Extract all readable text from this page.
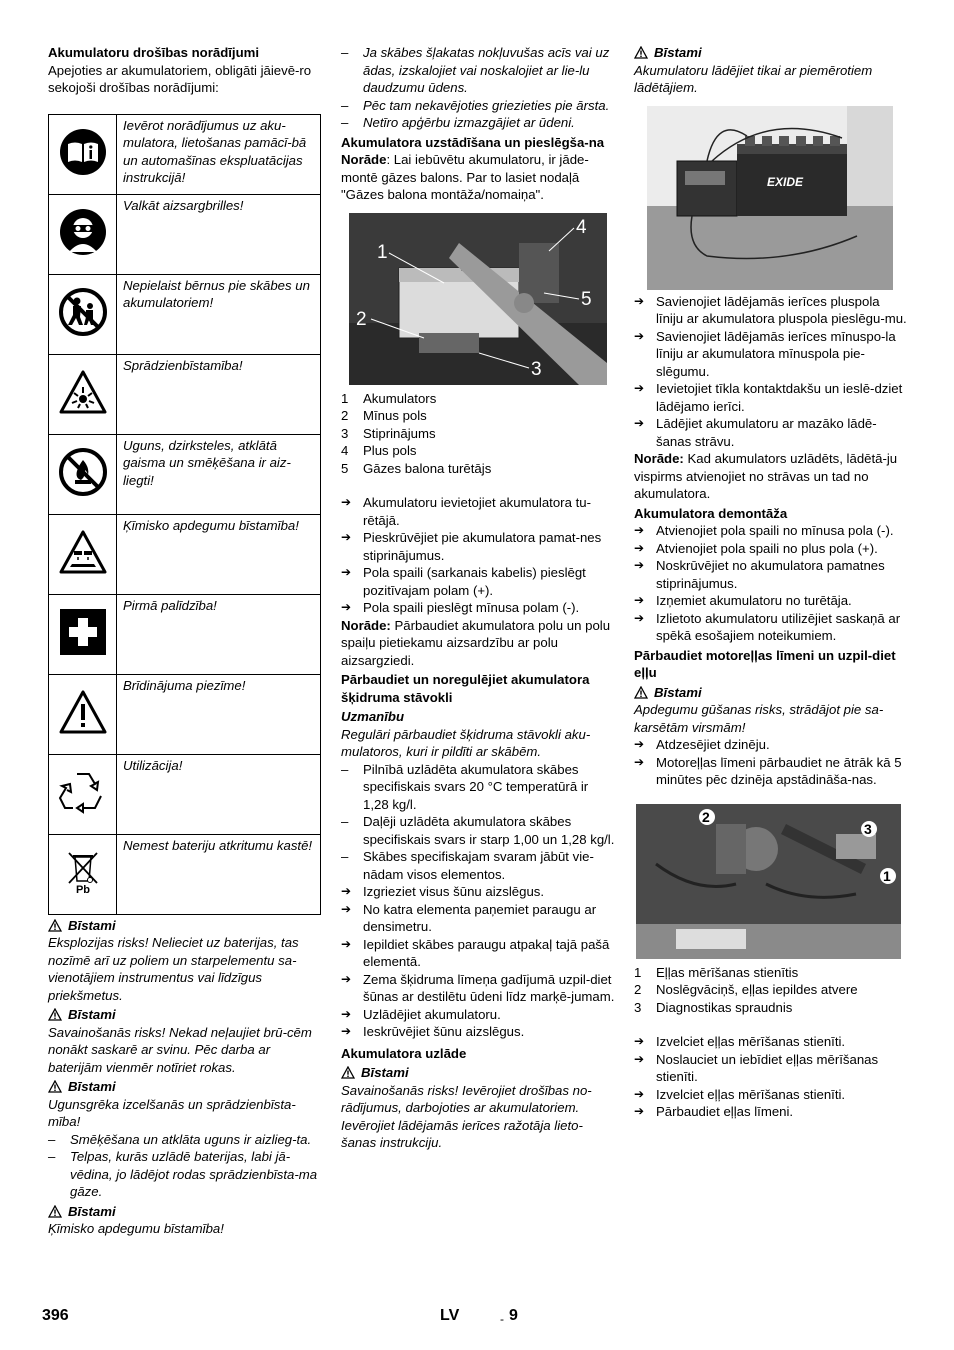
Akumulatoru drošības norādījumi
Apejoties ar akumulatoriem, obligāti jāievē-ro sekojoši drošības norādījumi:
	Ievērot norādījumus uz aku-mulatora, lietošanas pamācī-bā un automašīnas ekspluatācijas instrukcijā!
	Valkāt aizsargbrilles!
	Nepielaist bērnus pie skābes un akumulatoriem!
	Sprādzienbīstamība!
	Uguns, dzirksteles, atklātā gaisma un smēķēšana ir aiz-liegti!
	Ķīmisko apdegumu bīstamība!
	Pirmā palīdzība!
	Brīdinājuma piezīme!
	Utilizācija!

Pb	Nemest bateriju atkritumu kastē!
Bīstami
Eksplozijas risks! Nelieciet uz baterijas, tas nozīmē arī uz poliem un starpelementu sa-vienotājiem instrumentus vai līdzīgus priekšmetus.
Bīstami
Savainošanās risks! Nekad neļaujiet brū-cēm nonākt saskarē ar svinu. Pēc darba ar baterijām vienmēr notīriet rokas.
Bīstami
Ugunsgrēka izcelšanās un sprādzienbīsta-mība!
–	Smēķēšana un atklāta uguns ir aizlieg-ta.
–	Telpas, kurās uzlādē baterijas, labi jā-vēdina, jo lādējot rodas sprādzienbīsta-ma gāze.
Bīstami
Ķīmisko apdegumu bīstamība!
–	Ja skābes šļakatas nokļuvušas acīs vai uz ādas, izskalojiet vai noskalojiet ar lie-lu daudzumu ūdens.
–	Pēc tam nekavējoties griezieties pie ārsta.
–	Netīro apģērbu izmazgājiet ar ūdeni.
Akumulatora uzstādīšana un pieslēgša-na
Norāde: Lai iebūvētu akumulatoru, ir jāde-montē gāzes balons. Par to lasiet nodaļā "Gāzes balona montāža/nomaiņa".
1
2
3
4
5
1	Akumulators
2	Mīnus pols
3	Stiprinājums
4	Plus pols
5	Gāzes balona turētājs
➔ Akumulatoru ievietojiet akumulatora tu-rētājā.
➔ Pieskrūvējiet pie akumulatora pamat-nes stiprinājumus.
➔ Pola spaili (sarkanais kabelis) pieslēgt pozitīvajam polam (+).
➔ Pola spaili pieslēgt mīnusa polam (-).
Norāde: Pārbaudiet akumulatora polu un polu spaiļu pietiekamu aizsardzību ar polu aizsargziedi.
Pārbaudiet un noregulējiet akumulatora šķidruma stāvokli
Uzmanību
Regulāri pārbaudiet šķidruma stāvokli aku-mulatoros, kuri ir pildīti ar skābēm.
–	Pilnībā uzlādēta akumulatora skābes specifiskais svars 20 °C temperatūrā ir 1,28 kg/l.
–	Daļēji uzlādēta akumulatora skābes specifiskais svars ir starp 1,00 un 1,28 kg/l.
–	Skābes specifiskajam svaram jābūt vie-nādam visos elementos.
➔ Izgrieziet visus šūnu aizslēgus.
➔ No katra elementa paņemiet paraugu ar densimetru.
➔ Iepildiet skābes paraugu atpakaļ tajā pašā elementā.
➔ Zema šķidruma līmeņa gadījumā uzpil-diet šūnas ar destilētu ūdeni līdz marķē-jumam.
➔ Uzlādējiet akumulatoru.
➔ Ieskrūvējiet šūnu aizslēgus.
Akumulatora uzlāde
Bīstami
Savainošanās risks! Ievērojiet drošības no-rādījumus, darbojoties ar akumulatoriem. Ievērojiet lādējamās ierīces ražotāja lieto-šanas instrukciju.
Bīstami
Akumulatoru lādējiet tikai ar piemērotiem lādētājiem.
EXIDE
➔ Savienojiet lādējamās ierīces pluspola līniju ar akumulatora pluspola pieslēgu-mu.
➔ Savienojiet lādējamās ierīces mīnuspo-la līniju ar akumulatora mīnuspola pie-slēgumu.
➔ Ievietojiet tīkla kontaktdakšu un ieslē-dziet lādējamo ierīci.
➔ Lādējiet akumulatoru ar mazāko lādē-šanas strāvu.
Norāde: Kad akumulators uzlādēts, lādētā-ju vispirms atvienojiet no strāvas un tad no akumulatora.
Akumulatora demontāža
➔ Atvienojiet pola spaili no mīnusa pola (-).
➔ Atvienojiet pola spaili no plus pola (+).
➔ Noskrūvējiet no akumulatora pamatnes stiprinājumus.
➔ Izņemiet akumulatoru no turētāja.
➔ Izlietoto akumulatoru utilizējiet saskaņā ar spēkā esošajiem noteikumiem.
Pārbaudiet motoreļļas līmeni un uzpil-diet eļļu
Bīstami
Apdegumu gūšanas risks, strādājot pie sa-karsētām virsmām!
➔ Atdzesējiet dzinēju.
➔ Motoreļļas līmeni pārbaudiet ne ātrāk kā 5 minūtes pēc dzinēja apstādināša-nas.
2
3
1
1	Eļļas mērīšanas stienītis
2	Noslēgvāciņš, eļļas iepildes atvere
3	Diagnostikas spraudnis
➔ Izvelciet eļļas mērīšanas stienīti.
➔ Noslauciet un iebīdiet eļļas mērīšanas stienīti.
➔ Izvelciet eļļas mērīšanas stienīti.
➔ Pārbaudiet eļļas līmeni.
396	LV	- 9
